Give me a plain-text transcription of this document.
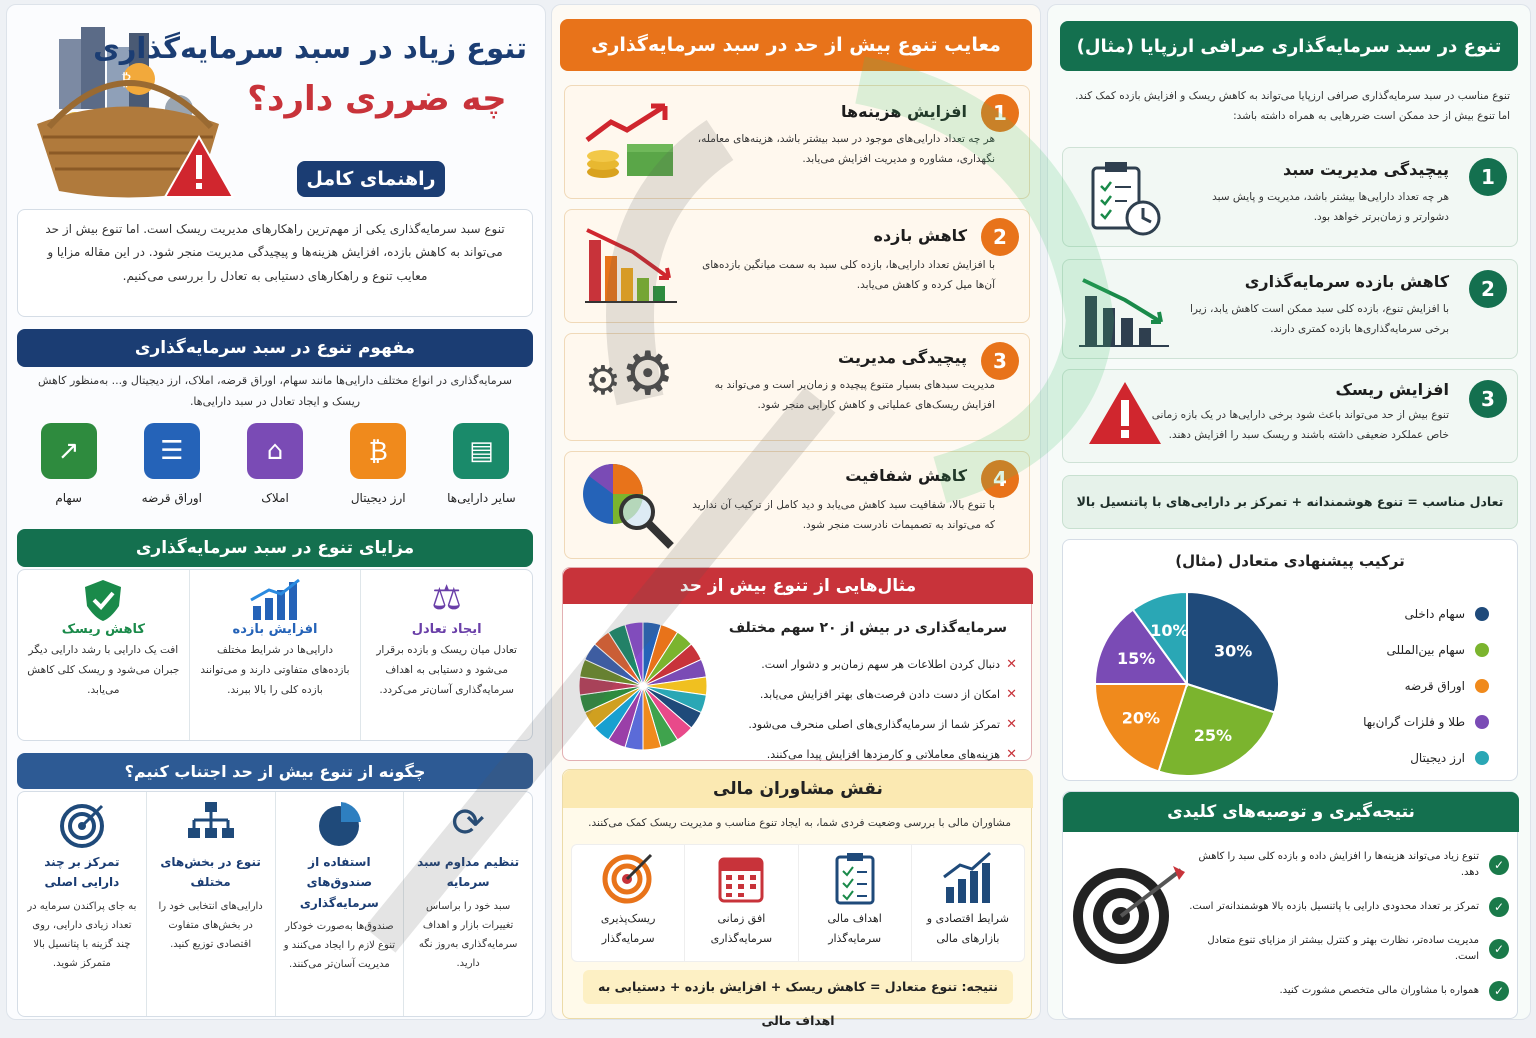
₿
تنوع زیاد در سبد سرمایه‌گذاری
چه ضرری دارد؟
راهنمای کامل
تنوع سبد سرمایه‌گذاری یکی از مهم‌ترین راهکارهای مدیریت ریسک است. اما تنوع بیش از حد می‌تواند به کاهش بازده، افزایش هزینه‌ها و پیچیدگی مدیریت منجر شود. در این مقاله مزایا و معایب تنوع و راهکارهای دستیابی به تعادل را بررسی می‌کنیم.
مفهوم تنوع در سبد سرمایه‌گذاری
سرمایه‌گذاری در انواع مختلف دارایی‌ها مانند سهام، اوراق قرضه، املاک، ارز دیجیتال و... به‌منظور کاهش ریسک و ایجاد تعادل در سبد دارایی‌ها.
▤
سایر دارایی‌ها
₿
ارز دیجیتال
⌂
املاک
☰
اوراق قرضه
↗
سهام
مزایای تنوع در سبد سرمایه‌گذاری
⚖
ایجاد تعادل
تعادل میان ریسک و بازده برقرار می‌شود و دستیابی به اهداف سرمایه‌گذاری آسان‌تر می‌کردد.
افزایش بازده
دارایی‌ها در شرایط مختلف بازده‌های متفاوتی دارند و می‌توانند بازده کلی را بالا ببرند.
کاهش ریسک
افت یک دارایی با رشد دارایی دیگر جبران می‌شود و ریسک کلی کاهش می‌یابد.
چگونه از تنوع بیش از حد اجتناب کنیم؟
⟳
تنظیم مداوم سبد سرمایه
سبد خود را براساس تغییرات بازار و اهداف سرمایه‌گذاری به‌روز نگه دارید.
استفاده از صندوق‌های سرمایه‌گذاری
صندوق‌ها به‌صورت خودکار تنوع لازم را ایجاد می‌کنند و مدیریت آسان‌تر می‌کنند.
تنوع در بخش‌های مختلف
دارایی‌های انتخابی خود را در بخش‌های متفاوت اقتصادی توزیع کنید.
تمرکز بر چند دارایی اصلی
به جای پراکندن سرمایه در تعداد زیادی دارایی، روی چند گزینه با پتانسیل بالا متمرکز شوید.
معایب تنوع بیش از حد در سبد سرمایه‌گذاری
1
افزایش هزینه‌ها
هر چه تعداد دارایی‌های موجود در سبد بیشتر باشد، هزینه‌های معامله، نگهداری، مشاوره و مدیریت افزایش می‌یابد.
2
کاهش بازده
با افزایش تعداد دارایی‌ها، بازده کلی سبد به سمت میانگین بازده‌های آن‌ها میل کرده و کاهش می‌یابد.
3
پیچیدگی مدیریت
مدیریت سبدهای بسیار متنوع پیچیده و زمان‌بر است و می‌تواند به افزایش ریسک‌های عملیاتی و کاهش کارایی منجر شود.
⚙⚙
4
کاهش شفافیت
با تنوع بالا، شفافیت سبد کاهش می‌یابد و دید کامل از ترکیب آن ندارید که می‌تواند به تصمیمات نادرست منجر شود.
مثال‌هایی از تنوع بیش از حد
سرمایه‌گذاری در بیش از ۲۰ سهم مختلف
✕دنبال کردن اطلاعات هر سهم زمان‌بر و دشوار است.
✕امکان از دست دادن فرصت‌های بهتر افزایش می‌یابد.
✕تمرکز شما از سرمایه‌گذاری‌های اصلی منحرف می‌شود.
✕هزینه‌های معاملاتی و کارمزدها افزایش پیدا می‌کنند.
نقش مشاوران مالی
مشاوران مالی با بررسی وضعیت فردی شما، به ایجاد تنوع مناسب و مدیریت ریسک کمک می‌کنند.
شرایط اقتصادی و بازارهای مالی
اهداف مالی سرمایه‌گذار
افق زمانی سرمایه‌گذاری
ریسک‌پذیری سرمایه‌گذار
نتیجه: تنوع متعادل = کاهش ریسک + افزایش بازده + دستیابی به اهداف مالی
تنوع در سبد سرمایه‌گذاری صرافی ارزپایا (مثال)
تنوع مناسب در سبد سرمایه‌گذاری صرافی ارزپایا می‌تواند به کاهش ریسک و افزایش بازده کمک کند.
اما تنوع بیش از حد ممکن است ضررهایی به همراه داشته باشد:
1
پیچیدگی مدیریت سبد
هر چه تعداد دارایی‌ها بیشتر باشد، مدیریت و پایش سبد دشوارتر و زمان‌برتر خواهد بود.
2
کاهش بازده سرمایه‌گذاری
با افزایش تنوع، بازده کلی سبد ممکن است کاهش یابد، زیرا برخی سرمایه‌گذاری‌ها بازده کمتری دارند.
3
افزایش ریسک
تنوع بیش از حد می‌تواند باعث شود برخی دارایی‌ها در یک بازه زمانی خاص عملکرد ضعیفی داشته باشند و ریسک سبد را افزایش دهند.
تعادل مناسب = تنوع هوشمندانه + تمرکز بر دارایی‌های با پاتنسیل بالا
ترکیب پیشنهادی متعادل (مثال)
30%
25%
20%
15%
10%
سهام داخلی
سهام بین‌المللی
اوراق قرضه
طلا و فلزات گران‌بها
ارز دیجیتال
نتیجه‌گیری و توصیه‌های کلیدی
✓
تنوع زیاد می‌تواند هزینه‌ها را افزایش داده و بازده کلی سبد را کاهش دهد.
✓
تمرکز بر تعداد محدودی دارایی با پاتنسیل بازده بالا هوشمندانه‌تر است.
✓
مدیریت ساده‌تر، نظارت بهتر و کنترل بیشتر از مزایای تنوع متعادل است.
✓
همواره با مشاوران مالی متخصص مشورت کنید.
